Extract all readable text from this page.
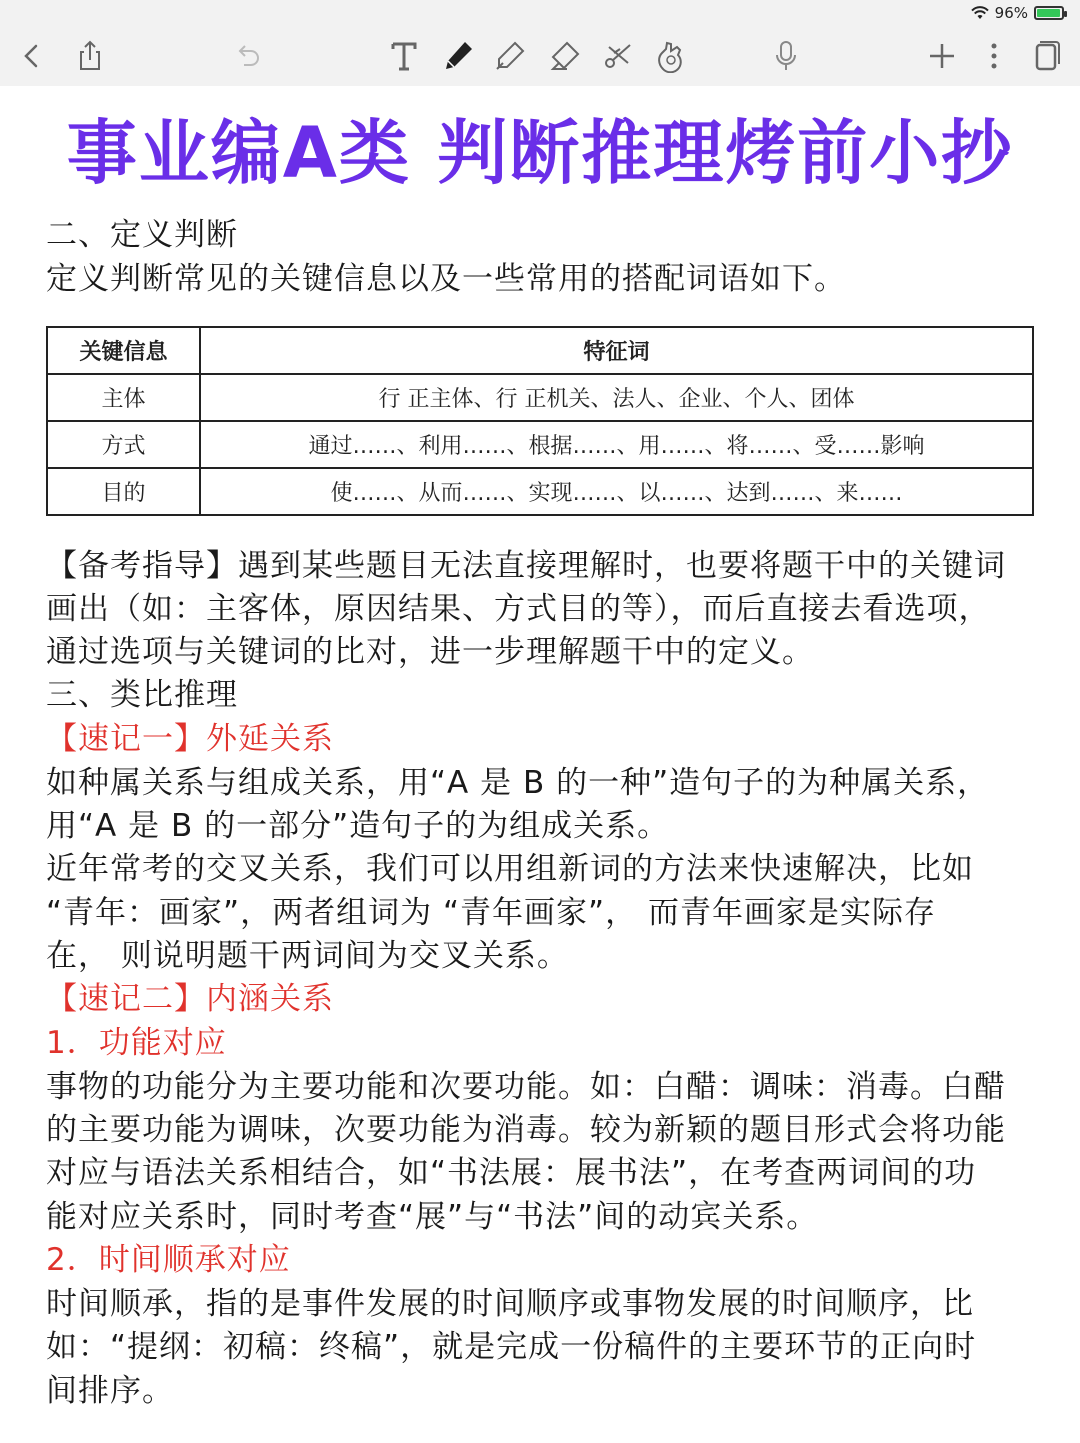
96%
事业编A类 判断推理烤前小抄
二、定义判断
定义判断常见的关键信息以及一些常用的搭配词语如下。
关键信息	特征词
主体	行 正主体、行 正机关、法人、企业、个人、团体
方式	通过……、利用……、根据……、用……、将……、受……影响
目的	使……、从而……、实现……、以……、达到……、来……
【备考指导】遇到某些题目无法直接理解时，也要将题干中的关键词
画出（如：主客体，原因结果、方式目的等），而后直接去看选项，
通过选项与关键词的比对，进一步理解题干中的定义。
三、类比推理
【速记一】外延关系
如种属关系与组成关系，用“A 是 B 的一种”造句子的为种属关系，
用“A 是 B 的一部分”造句子的为组成关系。
近年常考的交叉关系，我们可以用组新词的方法来快速解决，比如
“青年：画家”，两者组词为 “青年画家”， 而青年画家是实际存
在， 则说明题干两词间为交叉关系。
【速记二】内涵关系
1．功能对应
事物的功能分为主要功能和次要功能。如：白醋：调味：消毒。白醋
的主要功能为调味，次要功能为消毒。较为新颖的题目形式会将功能
对应与语法关系相结合，如“书法展：展书法”，在考查两词间的功
能对应关系时，同时考查“展”与“书法”间的动宾关系。
2．时间顺承对应
时间顺承，指的是事件发展的时间顺序或事物发展的时间顺序，比
如：“提纲：初稿：终稿”，就是完成一份稿件的主要环节的正向时
间排序。
